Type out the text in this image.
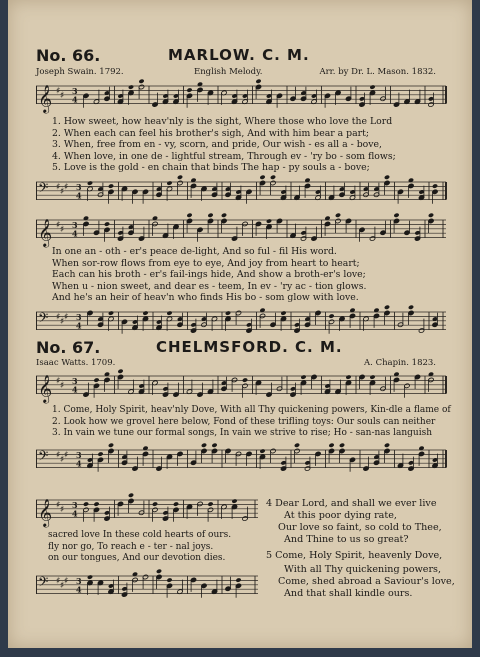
No. 66.	MARLOW. C. M.
Joseph Swain. 1792.	English Melody.	Arr. by Dr. L. Mason. 1832.
𝄞 ♯ ♯ 3
4
1. How sweet, how heav'nly is the sight, Where those who love the Lord
2. When each can feel his brother's sigh, And with him bear a part;
3. When, free from en - vy, scorn, and pride, Our wish - es all a - bove,
4. When love, in one de - lightful stream, Through ev - 'ry bo - som flows;
5. Love is the gold - en chain that binds The hap - py souls a - bove;
𝄢 ♯ ♯ ♯ 3
4
𝄞 ♯ ♯ 3
4
In one an - oth - er's peace de-light, And so ful - fil His word.
When sor-row flows from eye to eye, And joy from heart to heart;
Each can his broth - er's fail-ings hide, And show a broth-er's love;
When u - nion sweet, and dear es - teem, In ev - 'ry ac - tion glows.
And he's an heir of heav'n who finds His bo - som glow with love.
𝄢 ♯ ♯ ♯ 3
4
No. 67.	CHELMSFORD. C. M.
Isaac Watts. 1709.	A. Chapin. 1823.
𝄞 ♯ ♯ 3
4
1. Come, Holy Spirit, heav'nly Dove, With all Thy quickening powers, Kin-dle a flame of
2. Look how we grovel here below, Fond of these trifling toys: Our souls can neither
3. In vain we tune our formal songs, In vain we strive to rise; Ho - san-nas languish
𝄢 ♯ ♯ ♯ 3
4
𝄞 ♯ ♯ 3
4
sacred love In these cold hearts of ours.
fly nor go, To reach e - ter - nal joys.
on our tongues, And our devotion dies.
𝄢 ♯ ♯ ♯ 3
4
4 Dear Lord, and shall we ever live
At this poor dying rate,
Our love so faint, so cold to Thee,
And Thine to us so great?
5 Come, Holy Spirit, heavenly Dove,
With all Thy quickening powers,
Come, shed abroad a Saviour's love,
And that shall kindle ours.
